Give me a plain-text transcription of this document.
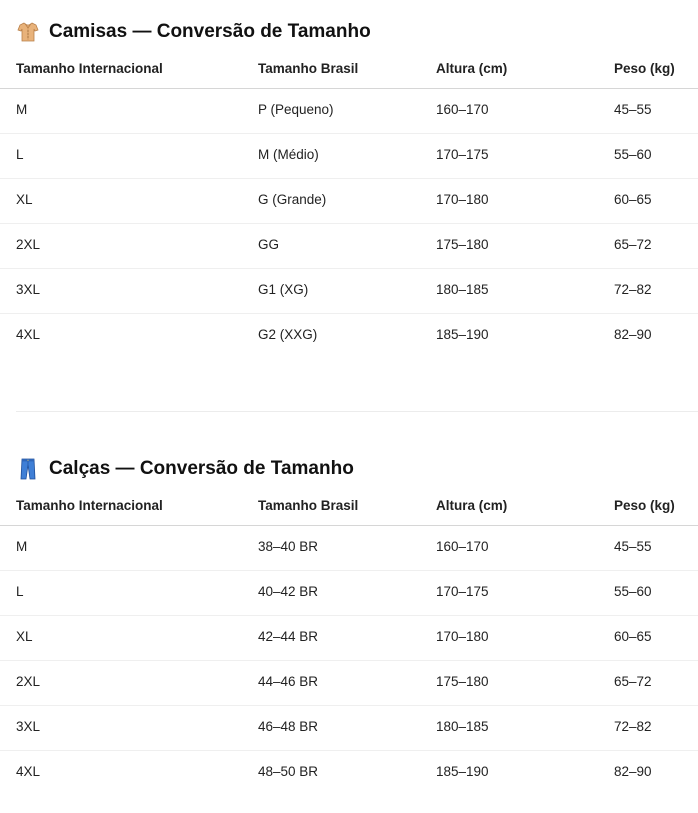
Camisas — Conversão de Tamanho
Tamanho Internacional	Tamanho Brasil	Altura (cm)	Peso (kg)
M	P (Pequeno)	160–170	45–55
L	M (Médio)	170–175	55–60
XL	G (Grande)	170–180	60–65
2XL	GG	175–180	65–72
3XL	G1 (XG)	180–185	72–82
4XL	G2 (XXG)	185–190	82–90
Calças — Conversão de Tamanho
Tamanho Internacional	Tamanho Brasil	Altura (cm)	Peso (kg)
M	38–40 BR	160–170	45–55
L	40–42 BR	170–175	55–60
XL	42–44 BR	170–180	60–65
2XL	44–46 BR	175–180	65–72
3XL	46–48 BR	180–185	72–82
4XL	48–50 BR	185–190	82–90
